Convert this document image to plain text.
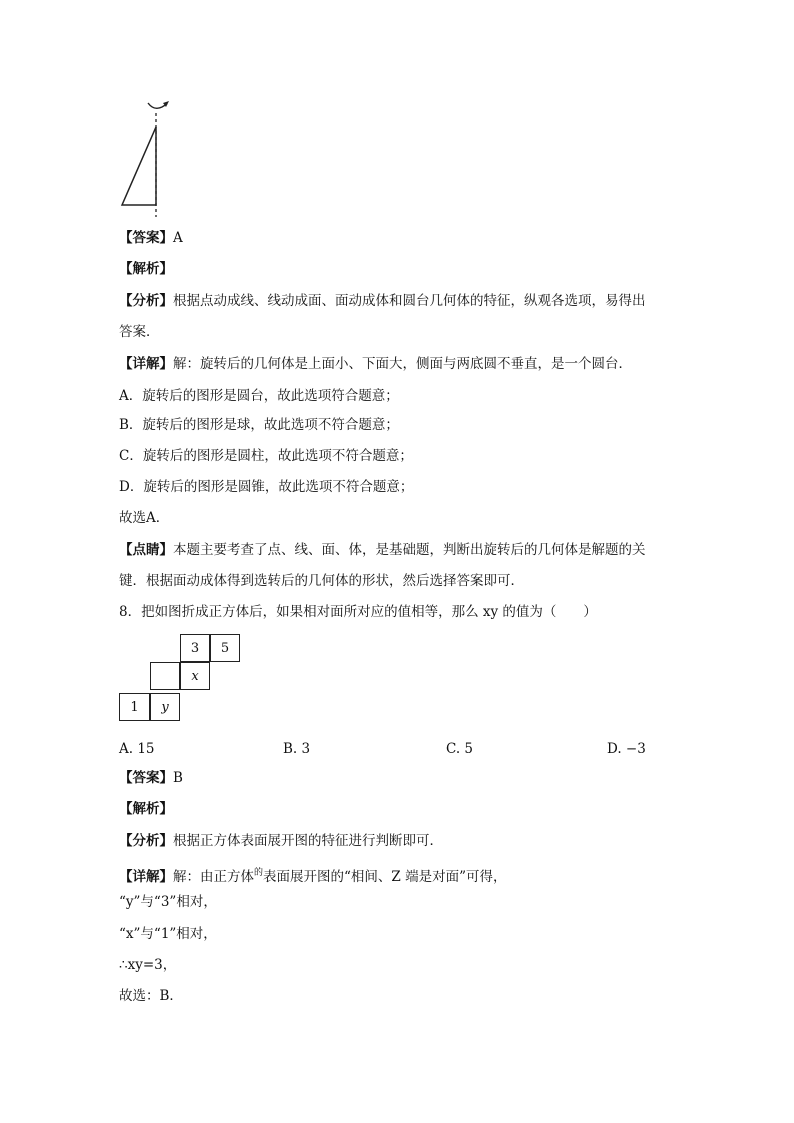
【答案】A
【解析】
【分析】根据点动成线、线动成面、面动成体和圆台几何体的特征，纵观各选项，易得出
答案．
【详解】解：旋转后的几何体是上面小、下面大，侧面与两底圆不垂直，是一个圆台．
A．旋转后的图形是圆台，故此选项符合题意；
B．旋转后的图形是球，故此选项不符合题意；
C．旋转后的图形是圆柱，故此选项不符合题意；
D．旋转后的图形是圆锥，故此选项不符合题意；
故选A．
【点睛】本题主要考查了点、线、面、体，是基础题，判断出旋转后的几何体是解题的关
键．根据面动成体得到选转后的几何体的形状，然后选择答案即可．
8．把如图折成正方体后，如果相对面所对应的值相等，那么 xy 的值为（　　）
3	5
x
1	y
A. 15	B. 3	C. 5	D. −3
【答案】B
【解析】
【分析】根据正方体表面展开图的特征进行判断即可．
【详解】解：由正方体$^的$表面展开图的“相间、Z 端是对面”可得，
“y”与“3”相对，
“x”与“1”相对，
∴xy=3，
故选：B．
